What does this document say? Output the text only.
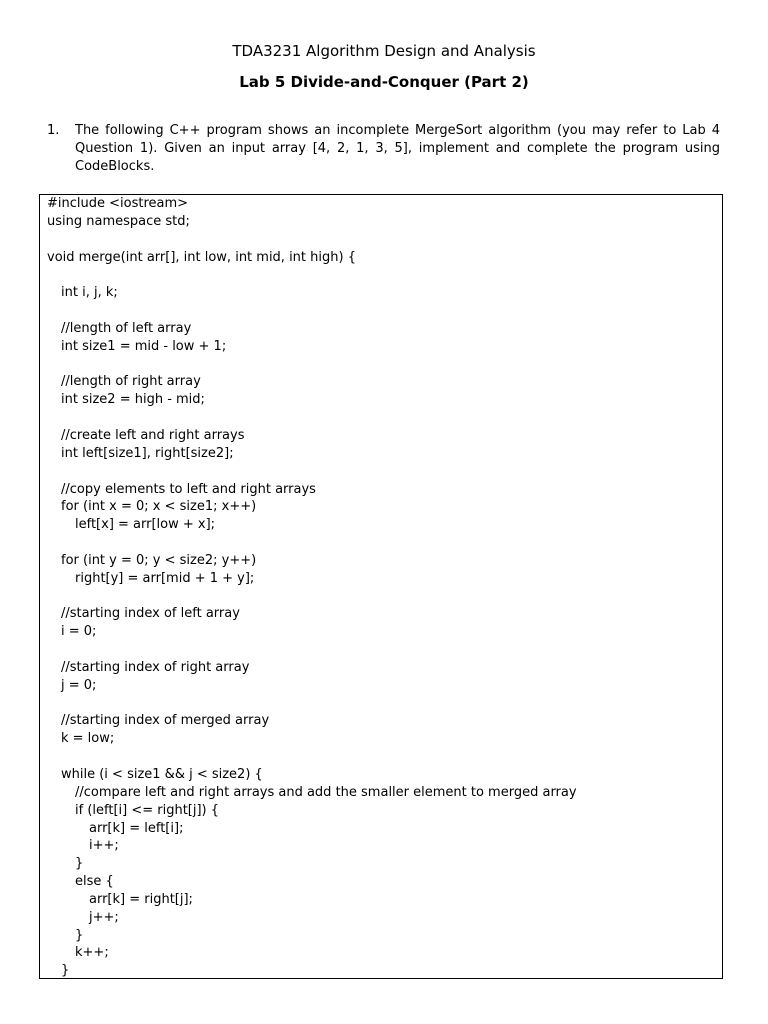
TDA3231 Algorithm Design and Analysis
Lab 5 Divide-and-Conquer (Part 2)
1. The following C++ program shows an incomplete MergeSort algorithm (you may refer to Lab 4 Question 1). Given an input array [4, 2, 1, 3, 5], implement and complete the program using CodeBlocks.
#include <iostream>
using namespace std;
void merge(int arr[], int low, int mid, int high) {
int i, j, k;
//length of left array
int size1 = mid - low + 1;
//length of right array
int size2 = high - mid;
//create left and right arrays
int left[size1], right[size2];
//copy elements to left and right arrays
for (int x = 0; x < size1; x++)
left[x] = arr[low + x];
for (int y = 0; y < size2; y++)
right[y] = arr[mid + 1 + y];
//starting index of left array
i = 0;
//starting index of right array
j = 0;
//starting index of merged array
k = low;
while (i < size1 && j < size2) {
//compare left and right arrays and add the smaller element to merged array
if (left[i] <= right[j]) {
arr[k] = left[i];
i++;
}
else {
arr[k] = right[j];
j++;
}
k++;
}
